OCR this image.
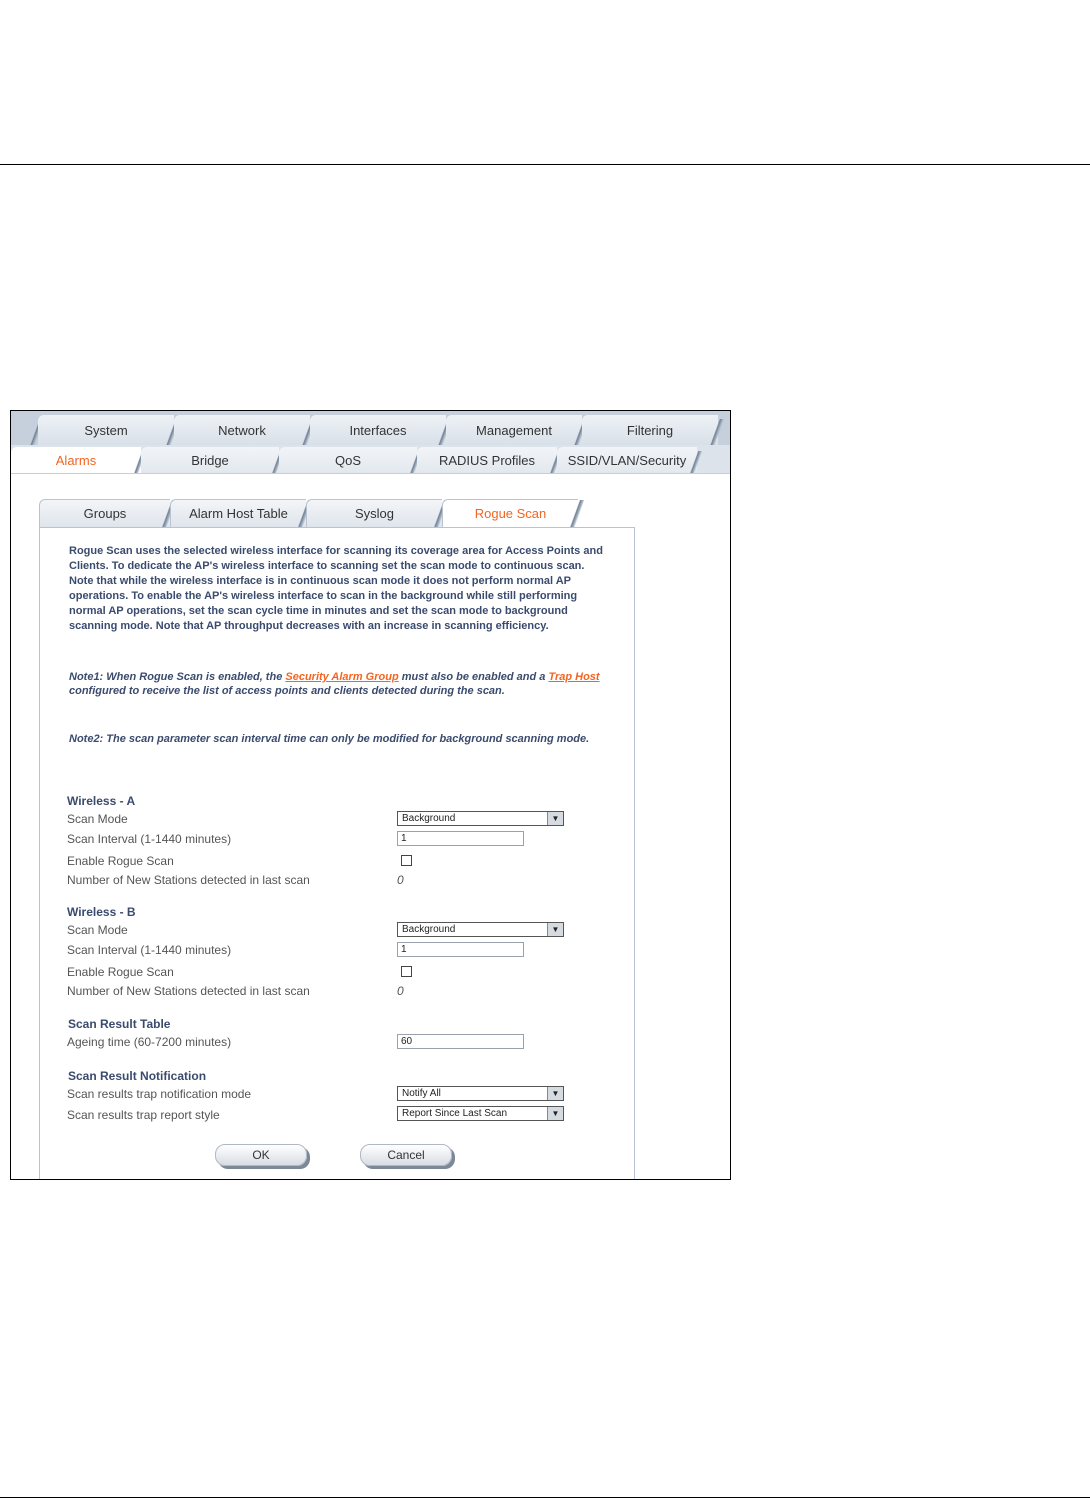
System	Network	Interfaces	Management	Filtering
Alarms	Bridge	QoS	RADIUS Profiles	SSID/VLAN/Security
Groups	Alarm Host Table	Syslog	Rogue Scan

Rogue Scan uses the selected wireless interface for scanning its coverage area for Access Points and Clients. To dedicate the AP's wireless interface to scanning set the scan mode to continuous scan. Note that while the wireless interface is in continuous scan mode it does not perform normal AP operations. To enable the AP's wireless interface to scan in the background while still performing normal AP operations, set the scan cycle time in minutes and set the scan mode to background scanning mode. Note that AP throughput decreases with an increase in scanning efficiency.

Note1: When Rogue Scan is enabled, the Security Alarm Group must also be enabled and a Trap Host configured to receive the list of access points and clients detected during the scan.

Note2: The scan parameter scan interval time can only be modified for background scanning mode.

Wireless - A
Scan Mode	Background	▼
Scan Interval (1-1440 minutes)	1
Enable Rogue Scan
Number of New Stations detected in last scan	0
Wireless - B
Scan Mode	Background	▼
Scan Interval (1-1440 minutes)	1
Enable Rogue Scan
Number of New Stations detected in last scan	0
Scan Result Table
Ageing time (60-7200 minutes)	60
Scan Result Notification
Scan results trap notification mode	Notify All	▼
Scan results trap report style	Report Since Last Scan	▼
OK	Cancel
